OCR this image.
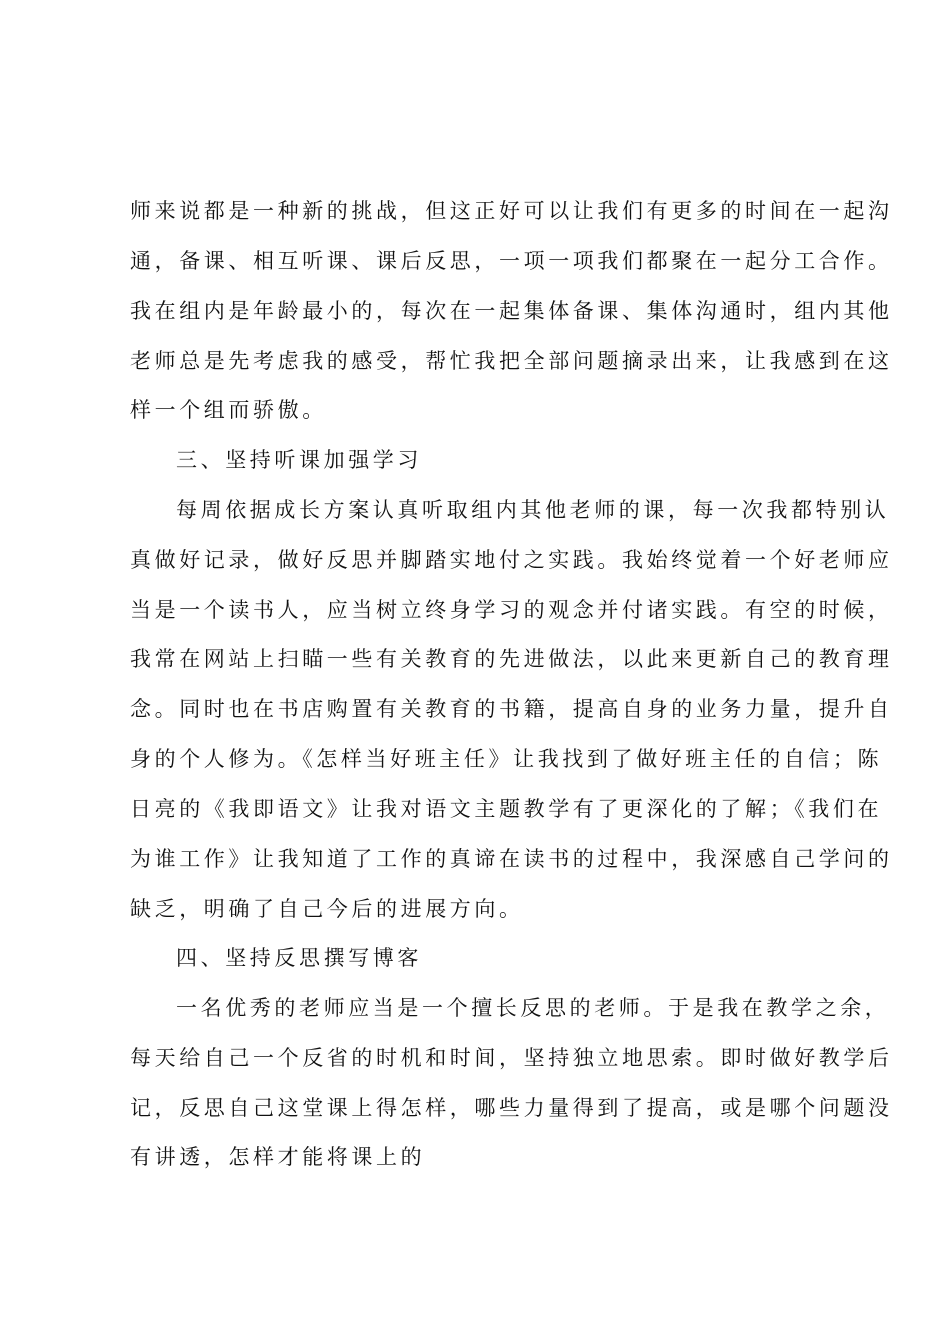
师来说都是一种新的挑战，但这正好可以让我们有更多的时间在一起沟
通，备课、相互听课、课后反思，一项一项我们都聚在一起分工合作。
我在组内是年龄最小的，每次在一起集体备课、集体沟通时，组内其他
老师总是先考虑我的感受，帮忙我把全部问题摘录出来，让我感到在这
样一个组而骄傲。
三、坚持听课加强学习
每周依据成长方案认真听取组内其他老师的课，每一次我都特别认
真做好记录，做好反思并脚踏实地付之实践。我始终觉着一个好老师应
当是一个读书人，应当树立终身学习的观念并付诸实践。有空的时候，
我常在网站上扫瞄一些有关教育的先进做法，以此来更新自己的教育理
念。同时也在书店购置有关教育的书籍，提高自身的业务力量，提升自
身的个人修为。《怎样当好班主任》让我找到了做好班主任的自信；陈
日亮的《我即语文》让我对语文主题教学有了更深化的了解；《我们在
为谁工作》让我知道了工作的真谛在读书的过程中，我深感自己学问的
缺乏，明确了自己今后的进展方向。
四、坚持反思撰写博客
一名优秀的老师应当是一个擅长反思的老师。于是我在教学之余，
每天给自己一个反省的时机和时间，坚持独立地思索。即时做好教学后
记，反思自己这堂课上得怎样，哪些力量得到了提高，或是哪个问题没
有讲透，怎样才能将课上的
